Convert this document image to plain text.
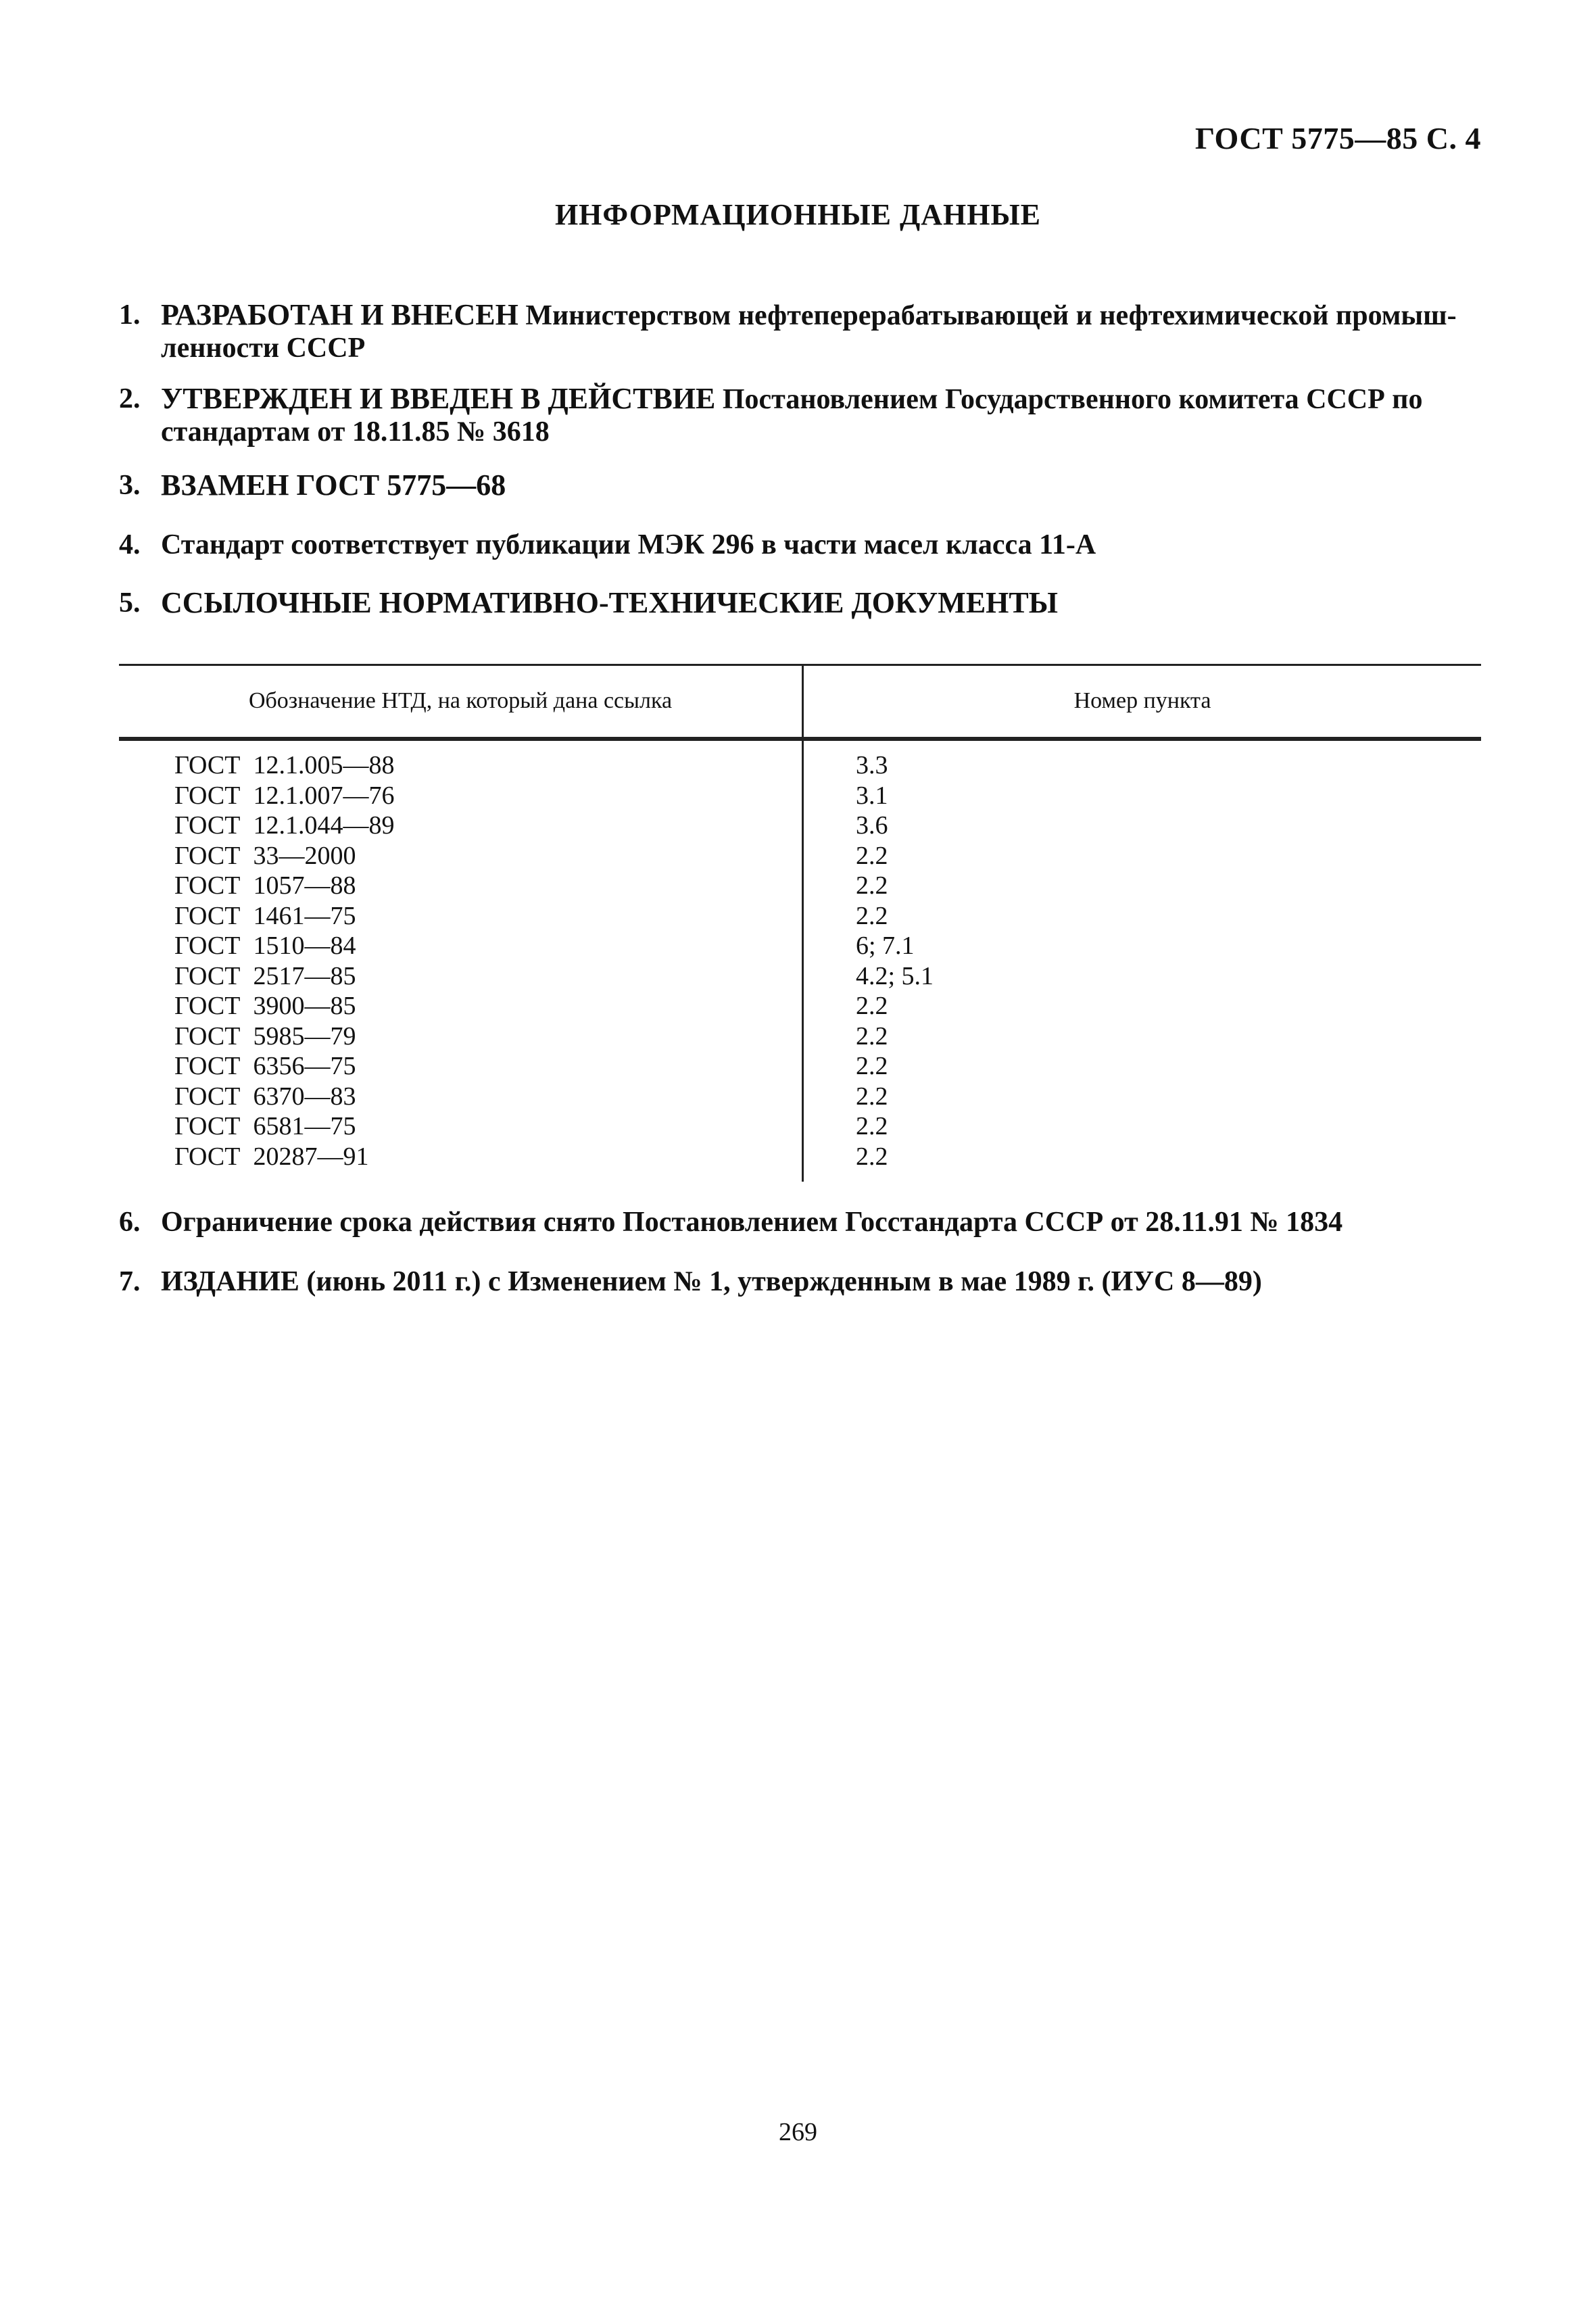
ГОСТ 5775—85 С. 4
ИНФОРМАЦИОННЫЕ ДАННЫЕ
1. РАЗРАБОТАН И ВНЕСЕН Министерством нефтеперерабатывающей и нефтехимической промыш-ленности СССР
2. УТВЕРЖДЕН И ВВЕДЕН В ДЕЙСТВИЕ Постановлением Государственного комитета СССР по стандартам от 18.11.85 № 3618
3. ВЗАМЕН ГОСТ 5775—68
4. Стандарт соответствует публикации МЭК 296 в части масел класса 11-А
5. ССЫЛОЧНЫЕ НОРМАТИВНО-ТЕХНИЧЕСКИЕ ДОКУМЕНТЫ
Обозначение НТД, на который дана ссылка	Номер пункта
ГОСТ  12.1.005—88	3.3
ГОСТ  12.1.007—76	3.1
ГОСТ  12.1.044—89	3.6
ГОСТ  33—2000	2.2
ГОСТ  1057—88	2.2
ГОСТ  1461—75	2.2
ГОСТ  1510—84	6; 7.1
ГОСТ  2517—85	4.2; 5.1
ГОСТ  3900—85	2.2
ГОСТ  5985—79	2.2
ГОСТ  6356—75	2.2
ГОСТ  6370—83	2.2
ГОСТ  6581—75	2.2
ГОСТ  20287—91	2.2
6. Ограничение срока действия снято Постановлением Госстандарта СССР от 28.11.91 № 1834
7. ИЗДАНИЕ (июнь 2011 г.) с Изменением № 1, утвержденным в мае 1989 г. (ИУС 8—89)
269
